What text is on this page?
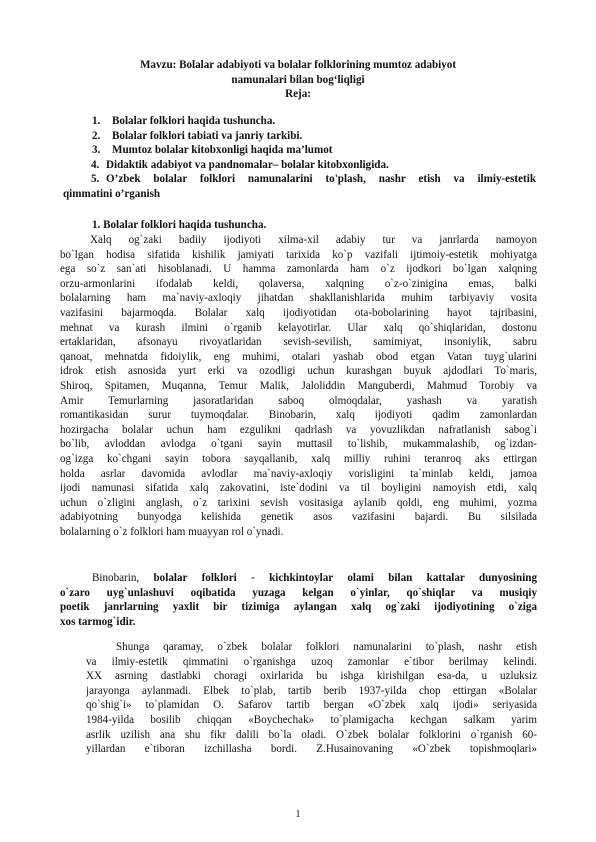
Mavzu: Bolalar adabiyoti va bolalar folklorining mumtoz adabiyot
namunalari bilan bog‘liqligi
Reja:
1. Bolalar folklori haqida tushuncha.
2. Bolalar folklori tabiati va janriy tarkibi.
3. Mumtoz bolalar kitobxonligi haqida ma’lumot
4. Didaktik adabiyot va pandnomalar– bolalar kitobxonligida.
5. O’zbek bolalar folklori namunalarini to'plash, nashr etish va ilmiy-estetik
qimmatini o’rganish
1. Bolalar folklori haqida tushuncha.
Xalq og`zaki badiiy ijodiyoti xilma-xil adabiy tur va janrlarda namoyon
bo`lgan hodisa sifatida kishilik jamiyati tarixida ko`p vazifali ijtimoiy-estetik mohiyatga
ega so`z san`ati hisoblanadi. U hamma zamonlarda ham o`z ijodkori bo`lgan xalqning
orzu-armonlarini ifodalab keldi, qolaversa, xalqning o`z-o`zinigina emas, balki
bolalarning ham ma`naviy-axloqiy jihatdan shakllanishlarida muhim tarbiyaviy vosita
vazifasini bajarmoqda. Bolalar xalq ijodiyotidan ota-bobolarining hayot tajribasini,
mehnat va kurash ilmini o`rganib kelayotirlar. Ular xalq qo`shiqlaridan, dostonu
ertaklaridan, afsonayu rivoyatlaridan sevish-sevilish, samimiyat, insoniylik, sabru
qanoat, mehnatda fidoiylik, eng muhimi, otalari yashab obod etgan Vatan tuyg`ularini
idrok etish asnosida yurt erki va ozodligi uchun kurashgan buyuk ajdodlari To`maris,
Shiroq, Spitamen, Muqanna, Temur Malik, Jaloliddin Manguberdi, Mahmud Torobiy va
Amir Temurlarning jasoratlaridan saboq olmoqdalar, yashash va yaratish
romantikasidan surur tuymoqdalar. Binobarin, xalq ijodiyoti qadim zamonlardan
hozirgacha bolalar uchun ham ezgulikni qadrlash va yovuzlikdan nafratlanish sabog`i
bo`lib, avloddan avlodga o`tgani sayin muttasil to`lishib, mukammalashib, og`izdan-
og`izga ko`chgani sayin tobora sayqallanib, xalq milliy ruhini teranroq aks ettirgan
holda asrlar davomida avlodlar ma`naviy-axloqiy vorisligini ta`minlab keldi, jamoa
ijodi namunasi sifatida xalq zakovatini, iste`dodini va til boyligini namoyish etdi, xalq
uchun o`zligini anglash, o`z tarixini sevish vositasiga aylanib qoldi, eng muhimi, yozma
adabiyotning bunyodga kelishida genetik asos vazifasini bajardi. Bu silsilada
bolalarning o`z folklori ham muayyan rol o`ynadi.
Binobarin, bolalar folklori - kichkintoylar olami bilan kattalar dunyosining
o`zaro uyg`unlashuvi oqibatida yuzaga kelgan o`yinlar, qo`shiqlar va musiqiy
poetik janrlarning yaxlit bir tizimiga aylangan xalq og`zaki ijodiyotining o`ziga
xos tarmog`idir.
Shunga qaramay, o`zbek bolalar folklori namunalarini to`plash, nashr etish
va ilmiy-estetik qimmatini o`rganishga uzoq zamonlar e`tibor berilmay kelindi.
XX asrning dastlabki choragi oxirlarida bu ishga kirishilgan esa-da, u uzluksiz
jarayonga aylanmadi. Elbek to`plab, tartib berib 1937-yilda chop ettirgan «Bolalar
qo`shig`i» to`plamidan O. Safarov tartib bergan «O`zbek xalq ijodi» seriyasida
1984-yilda bosilib chiqqan «Boychechak» to`plamigacha kechgan salkam yarim
asrlik uzilish ana shu fikr dalili bo`la oladi. O`zbek bolalar folklorini o`rganish 60-
yillardan e`tiboran izchillasha bordi. Z.Husainovaning «O`zbek topishmoqlari»
1
